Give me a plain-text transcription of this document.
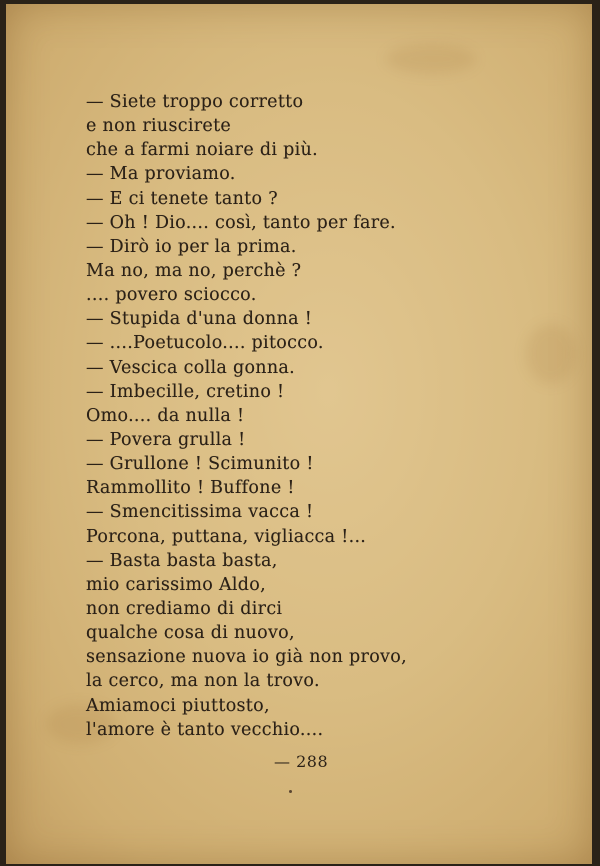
— Siete troppo corretto
e non riuscirete
che a farmi noiare di più.
— Ma proviamo.
— E ci tenete tanto ?
— Oh ! Dio.... così, tanto per fare.
— Dirò io per la prima.
Ma no, ma no, perchè ?
.... povero sciocco.
— Stupida d'una donna !
— ....Poetucolo.... pitocco.
— Vescica colla gonna.
— Imbecille, cretino !
Omo.... da nulla !
— Povera grulla !
— Grullone ! Scimunito !
Rammollito ! Buffone !
— Smencitissima vacca !
Porcona, puttana, vigliacca !...
— Basta basta basta,
mio carissimo Aldo,
non crediamo di dirci
qualche cosa di nuovo,
sensazione nuova io già non provo,
la cerco, ma non la trovo.
Amiamoci piuttosto,
l'amore è tanto vecchio....
— 288
